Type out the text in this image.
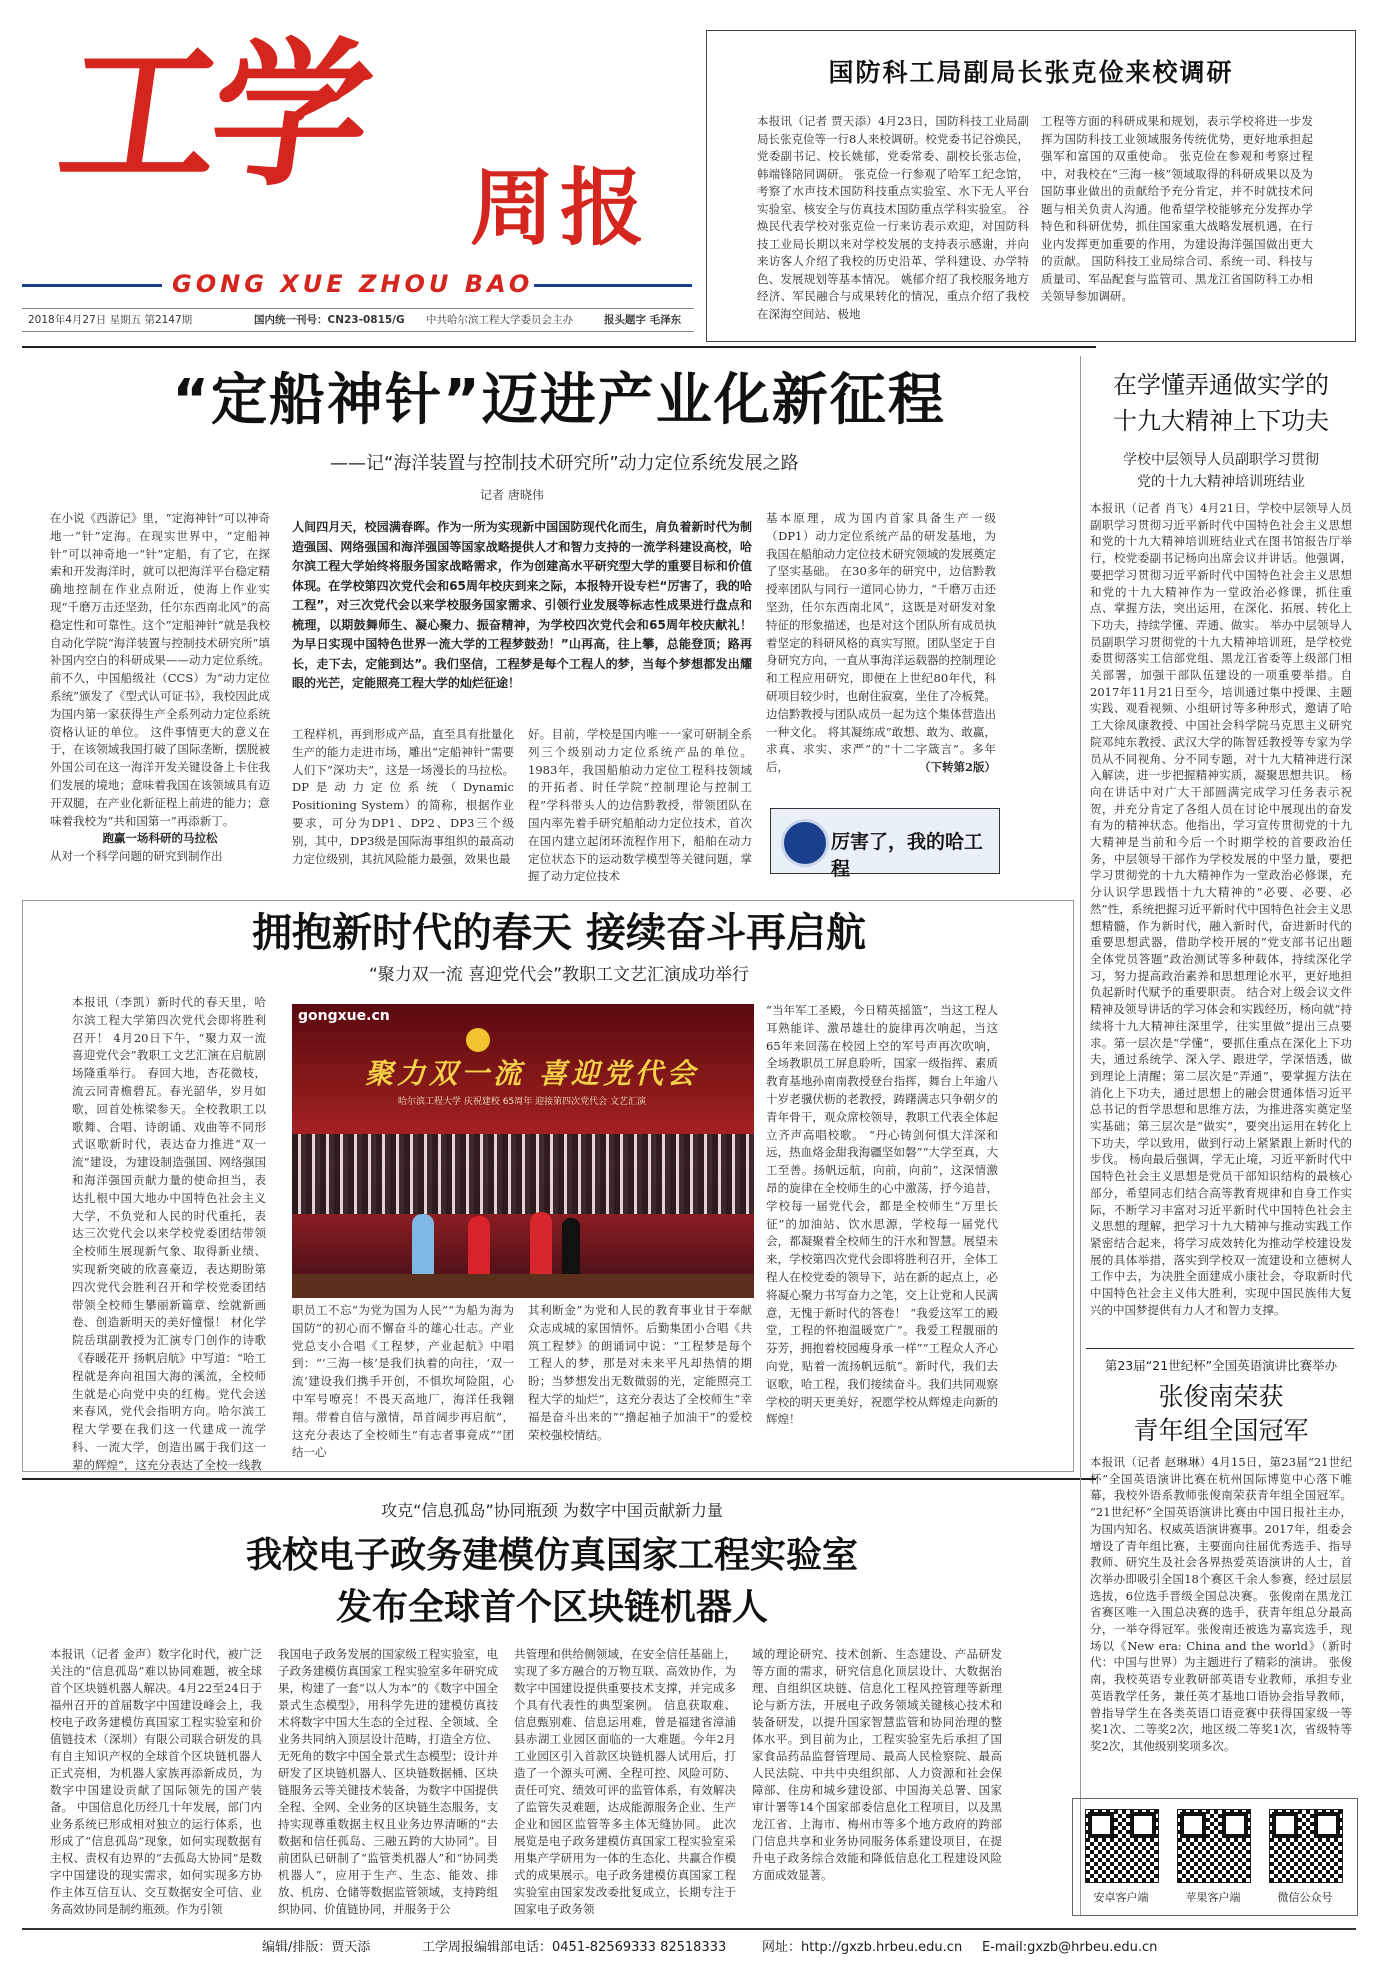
工学 周报
GONG XUE ZHOU BAO
2018年4月27日 星期五 第2147期	国内统一刊号：CN23-0815/G 中共哈尔滨工程大学委员会主办	报头题字 毛泽东
国防科工局副局长张克俭来校调研
本报讯（记者 贾天添）4月23日，国防科技工业局副局长张克俭等一行8人来校调研。校党委书记谷焕民，党委副书记、校长姚郁，党委常委、副校长张志俭，韩端锋陪同调研。 张克俭一行参观了哈军工纪念馆，考察了水声技术国防科技重点实验室、水下无人平台实验室、核安全与仿真技术国防重点学科实验室。 谷焕民代表学校对张克俭一行来访表示欢迎，对国防科技工业局长期以来对学校发展的支持表示感谢，并向来访客人介绍了我校的历史沿革、学科建设、办学特色、发展规划等基本情况。 姚郁介绍了我校服务地方经济、军民融合与成果转化的情况，重点介绍了我校在深海空间站、极地
工程等方面的科研成果和规划，表示学校将进一步发挥为国防科技工业领域服务传统优势，更好地承担起强军和富国的双重使命。 张克俭在参观和考察过程中，对我校在“三海一核”领域取得的科研成果以及为国防事业做出的贡献给予充分肯定，并不时就技术问题与相关负责人沟通。他希望学校能够充分发挥办学特色和科研优势，抓住国家重大战略发展机遇，在行业内发挥更加重要的作用，为建设海洋强国做出更大的贡献。 国防科技工业局综合司、系统一司、科技与质量司、军品配套与监管司、黑龙江省国防科工办相关领导参加调研。
“定船神针”迈进产业化新征程
——记“海洋装置与控制技术研究所”动力定位系统发展之路
记者 唐晓伟
在小说《西游记》里，“定海神针”可以神奇地一“针”定海。在现实世界中，“定船神针”可以神奇地一“针”定船，有了它，在探索和开发海洋时，就可以把海洋平台稳定精确地控制在作业点附近，使海上作业实现“千磨万击还坚劲，任尔东西南北风”的高稳定性和可靠性。这个“定船神针”就是我校自动化学院“海洋装置与控制技术研究所”填补国内空白的科研成果——动力定位系统。 前不久，中国船级社（CCS）为“动力定位系统”颁发了《型式认可证书》，我校因此成为国内第一家获得生产全系列动力定位系统资格认证的单位。 这件事情更大的意义在于，在该领域我国打破了国际垄断，摆脱被外国公司在这一海洋开发关键设备上卡住我们发展的境地；意味着我国在该领域具有迈开双腿，在产业化新征程上前进的能力；意味着我校为“共和国第一”再添新丁。

跑赢一场科研的马拉松
从对一个科学问题的研究到制作出
人间四月天，校园满春晖。作为一所为实现新中国国防现代化而生，肩负着新时代为制造强国、网络强国和海洋强国等国家战略提供人才和智力支持的一流学科建设高校，哈尔滨工程大学始终将服务国家战略需求，作为创建高水平研究型大学的重要目标和价值体现。在学校第四次党代会和65周年校庆到来之际，本报特开设专栏“厉害了，我的哈工程”，对三次党代会以来学校服务国家需求、引领行业发展等标志性成果进行盘点和梳理，以期鼓舞师生、凝心聚力、振奋精神，为学校四次党代会和65周年校庆献礼！为早日实现中国特色世界一流大学的工程梦鼓劲！”山再高，往上攀，总能登顶；路再长，走下去，定能到达”。我们坚信，工程梦是每个工程人的梦，当每个梦想都发出耀眼的光芒，定能照亮工程大学的灿烂征途！
工程样机，再到形成产品，直至具有批量化生产的能力走进市场，雕出“定船神针”需要人们下“深功夫”，这是一场漫长的马拉松。 DP是动力定位系统（Dynamic Positioning System）的简称，根据作业要求，可分为DP1、DP2、DP3三个级别，其中，DP3级是国际海事组织的最高动力定位级别，其抗风险能力最强，效果也最
好。目前，学校是国内唯一一家可研制全系列三个级别动力定位系统产品的单位。 1983年，我国船舶动力定位工程科技领域的开拓者、时任学院“控制理论与控制工程”学科带头人的边信黔教授，带领团队在国内率先着手研究船舶动力定位技术，首次在国内建立起闭环流程作用下，船舶在动力定位状态下的运动数学模型等关键问题，掌握了动力定位技术
基本原理，成为国内首家具备生产一级（DP1）动力定位系统产品的研发基地，为我国在船舶动力定位技术研究领域的发展奠定了坚实基础。 在30多年的研究中，边信黔教授率团队与同行一道同心协力，“千磨万击还坚劲，任尔东西南北风”，这既是对研发对象特征的形象描述，也是对这个团队所有成员执着坚定的科研风格的真实写照。团队坚定于自身研究方向，一直从事海洋运载器的控制理论和工程应用研究，即便在上世纪80年代，科研项目较少时，也耐住寂寞，坐住了冷板凳。边信黔教授与团队成员一起为这个集体营造出一种文化。 将其凝练成“敢想、敢为、敢赢，求真、求实、求严”的“十二字箴言”。多年后，	（下转第2版）
厉害了，我的哈工程
拥抱新时代的春天 接续奋斗再启航
“聚力双一流 喜迎党代会”教职工文艺汇演成功举行
本报讯（李凯）新时代的春天里，哈尔滨工程大学第四次党代会即将胜利召开！ 4月20日下午，“聚力双一流 喜迎党代会”教职工文艺汇演在启航剧场隆重举行。 春回大地，杏花微枝，流云同青檐碧瓦。春光韶华，岁月如歌，回首处栋梁参天。全校教职工以歌舞、合唱、诗朗诵、戏曲等不同形式讴歌新时代，表达奋力推进“双一流”建设，为建设制造强国、网络强国和海洋强国贡献力量的使命担当，表达扎根中国大地办中国特色社会主义大学，不负党和人民的时代重托，表达三次党代会以来学校党委团结带领全校师生展现新气象、取得新业绩、实现新突破的欣喜豪迈，表达期盼第四次党代会胜利召开和学校党委团结带领全校师生攀丽新篇章、绘就新画卷、创造新明天的美好憧憬！ 材化学院岳琪副教授为汇演专门创作的诗歌《春暖花开 扬帆启航》中写道：“哈工程就是奔向祖国大海的溪流，全校师生就是心向党中央的红梅。党代会送来春风，党代会指明方向。哈尔滨工程大学要在我们这一代建成一流学科、一流大学，创造出属于我们这一辈的辉煌”，这充分表达了全校一线教
gongxue.cn
聚力双一流 喜迎党代会
哈尔滨工程大学 庆祝建校 65周年 迎接第四次党代会 文艺汇演
职员工不忘“为党为国为人民”“为船为海为国防”的初心而不懈奋斗的雄心壮志。产业党总支小合唱《工程梦，产业起航》中唱到：“‘三海一核’是我们执着的向往，‘双一流’建设我们携手开创，不惧坎坷险阻，心中军号嘹亮！不畏天高地厂，海洋任我翱翔。带着自信与激情，昂首阔步再启航”，这充分表达了全校师生“有志者事竟成”“团结一心
其利断金”为党和人民的教育事业甘于奉献众志成城的家国情怀。后勤集团小合唱《共筑工程梦》的朗诵词中说：“工程梦是每个工程人的梦，那是对未来平凡却热情的期盼；当梦想发出无数微弱的光，定能照亮工程大学的灿烂”，这充分表达了全校师生“幸福是奋斗出来的”“撸起袖子加油干”的爱校荣校强校情结。
“当年军工圣殿，今日精英摇篮”，当这工程人耳熟能详、激昂雄壮的旋律再次响起，当这65年来回荡在校园上空的军号声再次吹响，全场教职员工屏息聆听，国家一级指挥、素质教育基地孙南南教授登台指挥，舞台上年逾八十岁老骥伏枥的老教授，踌躇满志只争朝夕的青年骨干，观众席校领导，教职工代表全体起立齐声高唱校歌。 “丹心铸剑何惧大洋深和远，热血烙金甜我海疆坚如磐”“大学至真，大工至善。扬帆远航，向前，向前”，这深情激昂的旋律在全校师生的心中激荡，抒今追昔，学校每一届党代会，都是全校师生“万里长征”的加油站、饮水思源，学校每一届党代会，都凝聚着全校师生的汗水和智慧。展望未来，学校第四次党代会即将胜利召开，全体工程人在校党委的领导下，站在新的起点上，必将凝心聚力书写奋力之笔，交上让党和人民满意，无愧于新时代的答卷！ “我爱这军工的殿堂，工程的怀抱温暖宽广”。我爱工程靓丽的芬芳，拥抱着校园瘦身承一样”“工程众人齐心向党，贴着一流扬帆远航”。新时代，我们去讴歌，哈工程，我们接续奋斗。我们共同观察学校的明天更美好，祝愿学校从辉煌走向新的辉煌！
在学懂弄通做实学的
十九大精神上下功夫
学校中层领导人员副职学习贯彻
党的十九大精神培训班结业
本报讯（记者 肖飞）4月21日，学校中层领导人员副职学习贯彻习近平新时代中国特色社会主义思想和党的十九大精神培训班结业式在图书馆报告厅举行，校党委副书记杨向出席会议并讲话。他强调，要把学习贯彻习近平新时代中国特色社会主义思想和党的十九大精神作为一堂政治必修课，抓住重点、掌握方法，突出运用，在深化、拓展、转化上下功夫，持续学懂、弄通、做实。 举办中层领导人员副职学习贯彻党的十九大精神培训班，是学校党委贯彻落实工信部党组、黑龙江省委等上级部门相关部署，加强干部队伍建设的一项重要举措。自2017年11月21日至今，培训通过集中授课、主题实践、观看视频、小组研讨等多种形式，邀请了哈工大徐凤康教授、中国社会科学院马克思主义研究院邓纯东教授、武汉大学的陈智廷教授等专家为学员从不同视角、分不同专题，对十九大精神进行深入解读，进一步把握精神实质，凝聚思想共识。 杨向在讲话中对广大干部圆满完成学习任务表示祝贺，并充分肯定了各组人员在讨论中展现出的奋发有为的精神状态。他指出，学习宣传贯彻党的十九大精神是当前和今后一个时期学校的首要政治任务，中层领导干部作为学校发展的中坚力量，要把学习贯彻党的十九大精神作为一堂政治必修课，充分认识学思践悟十九大精神的“必要、必要、必然”性，系统把握习近平新时代中国特色社会主义思想精髓，作为新时代，融入新时代，奋进新时代的重要思想武器，借助学校开展的“党支部书记出题 全体党员答题”政治测试等多种载体，持续深化学习，努力提高政治素养和思想理论水平，更好地担负起新时代赋予的重要职责。 结合对上级会议文件精神及领导讲话的学习体会和实践经历，杨向就“持续将十九大精神往深里学，往实里做”提出三点要求。第一层次是“学懂”，要抓住重点在深化上下功夫，通过系统学、深入学、跟进学，学深悟透，做到理论上清醒；第二层次是“弄通”，要掌握方法在消化上下功夫，通过思想上的融会贯通体悟习近平总书记的哲学思想和思维方法，为推进落实奠定坚实基础；第三层次是“做实”，要突出运用在转化上下功夫，学以致用，做到行动上紧紧跟上新时代的步伐。 杨向最后强调，学无止境，习近平新时代中国特色社会主义思想是党员干部知识结构的最核心部分，希望同志们结合高等教育规律和自身工作实际，不断学习丰富对习近平新时代中国特色社会主义思想的理解，把学习十九大精神与推动实践工作紧密结合起来，将学习成效转化为推动学校建设发展的具体举措，落实到学校双一流建设和立德树人工作中去，为决胜全面建成小康社会，夺取新时代中国特色社会主义伟大胜利，实现中国民族伟大复兴的中国梦提供有力人才和智力支撑。
第23届“21世纪杯”全国英语演讲比赛举办
张俊南荣获
青年组全国冠军
本报讯（记者 赵琳琳）4月15日，第23届“21世纪杯”全国英语演讲比赛在杭州国际博览中心落下帷幕，我校外语系教师张俊南荣获青年组全国冠军。 “21世纪杯”全国英语演讲比赛由中国日报社主办，为国内知名、权威英语演讲赛事。2017年，组委会增设了青年组比赛，主要面向往届优秀选手、指导教师、研究生及社会各界热爱英语演讲的人士，首次举办即吸引全国18个赛区千余人参赛，经过层层选拔，6位选手晋级全国总决赛。 张俊南在黑龙江省赛区唯一入围总决赛的选手，获青年组总分最高分，一举夺得冠军。张俊南还被选为嘉宾选手，现场以《New era: China and the world》（新时代：中国与世界）为主题进行了精彩的演讲。 张俊南，我校英语专业教研部英语专业教师，承担专业英语教学任务，兼任英才基地口语协会指导教师，曾指导学生在各类英语口语竞赛中获得国家级一等奖1次、二等奖2次，地区级二等奖1次，省级特等奖2次，其他级别奖项多次。
安卓客户端	苹果客户端	微信公众号
攻克“信息孤岛”协同瓶颈 为数字中国贡献新力量
我校电子政务建模仿真国家工程实验室
发布全球首个区块链机器人
本报讯（记者 金声）数字化时代，被广泛关注的“信息孤岛”难以协同难题，被全球首个区块链机器人解决。4月22至24日于福州召开的首届数字中国建设峰会上，我校电子政务建模仿真国家工程实验室和价值链技术（深圳）有限公司联合研发的具有自主知识产权的全球首个区块链机器人正式亮相，为机器人家族再添新成员，为数字中国建设贡献了国际领先的国产装备。 中国信息化历经几十年发展，部门内业务系统已形成相对独立的运行体系，也形成了“信息孤岛”现象，如何实现数据有主权、责权有边界的“去孤岛大协同”是数字中国建设的现实需求，如何实现多方协作主体互信互认、交互数据安全可信、业务高效协同是制约瓶颈。作为引领
我国电子政务发展的国家级工程实验室，电子政务建模仿真国家工程实验室多年研究成果，构建了一套“以人为本”的《数字中国全景式生态模型》，用科学先进的建模仿真技术将数字中国大生态的全过程、全领域、全业务共同纳入顶层设计范畴，打造全方位、无死角的数字中国全景式生态模型；设计并研发了区块链机器人、区块链数据桶、区块链服务云等关键技术装备，为数字中国提供全程、全网、全业务的区块链生态服务，支持实现尊重数据主权且业务边界清晰的“去数据和信任孤岛、三融五跨的大协同”。目前团队已研制了“监管类机器人”和“协同类机器人”，应用于生产、生态、能效、排放、机房、仓储等数据监管领域，支持跨组织协同、价值链协同，并服务于公
共管理和供给侧领域，在安全信任基础上，实现了多方融合的万物互联、高效协作，为数字中国建设提供重要技术支撑，并完成多个具有代表性的典型案例。 信息获取难、信息甄别难、信息运用难，曾是福建省漳浦县赤湖工业园区面临的一大难题。今年2月工业园区引入首款区块链机器人试用后，打造了一个源头可溯、全程可控、风险可防、责任可究、绩效可评的监管体系，有效解决了监管失灵难题，达成能源服务企业、生产企业和园区监管等多主体无缝协同。 此次展览是电子政务建模仿真国家工程实验室采用集产学研用为一体的生态化、共赢合作模式的成果展示。电子政务建模仿真国家工程实验室由国家发改委批复成立，长期专注于国家电子政务领
域的理论研究、技术创新、生态建设、产品研发等方面的需求，研究信息化顶层设计、大数据治理、自组织区块链、信息化工程风控管理等新理论与新方法，开展电子政务领域关键核心技术和装备研发，以提升国家智慧监管和协同治理的整体水平。到目前为止，工程实验室先后承担了国家食品药品监督管理局、最高人民检察院、最高人民法院、中共中央组织部、人力资源和社会保障部、住房和城乡建设部、中国海关总署、国家审计署等14个国家部委信息化工程项目，以及黑龙江省、上海市、梅州市等多个地方政府的跨部门信息共享和业务协同服务体系建设项目，在提升电子政务综合效能和降低信息化工程建设风险方面成效显著。
编辑/排版：贾天添	工学周报编辑部电话：0451-82569333 82518333	网址：http://gxzb.hrbeu.edu.cn E-mail:gxzb@hrbeu.edu.cn
